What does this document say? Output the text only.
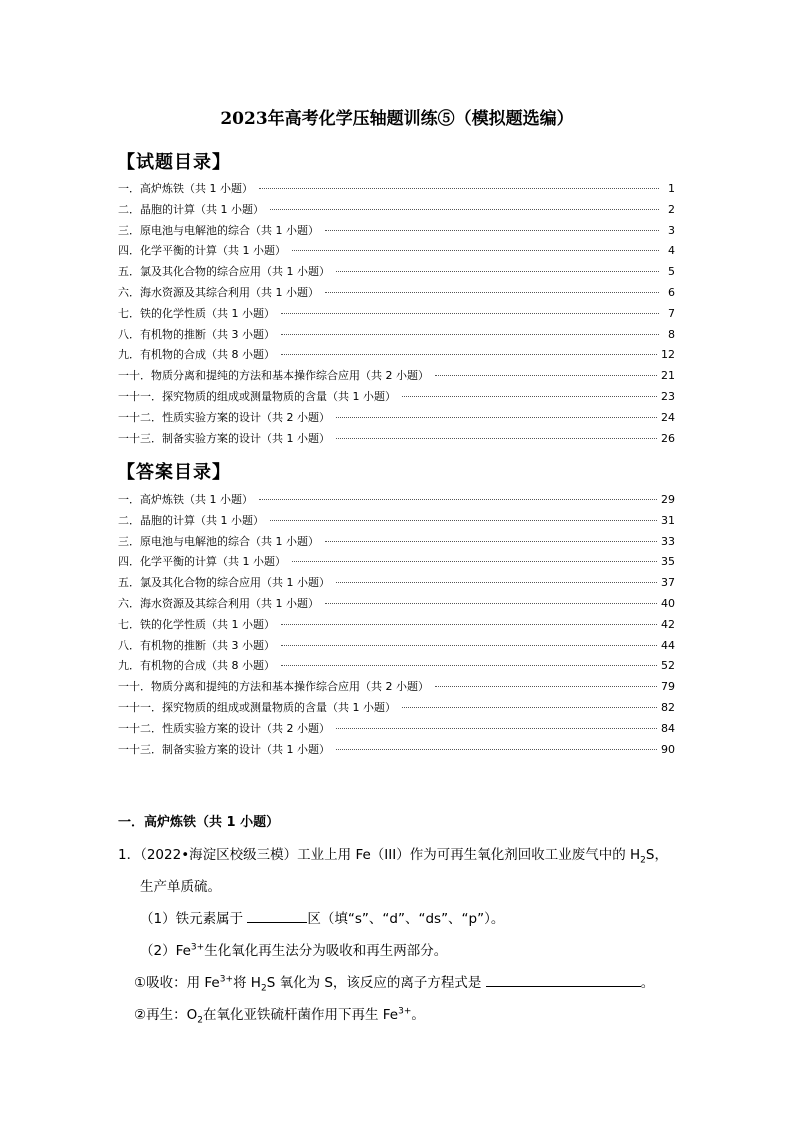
2023年高考化学压轴题训练⑤（模拟题选编）
【试题目录】
一．高炉炼铁（共 1 小题）	1
二．晶胞的计算（共 1 小题）	2
三．原电池与电解池的综合（共 1 小题）	3
四．化学平衡的计算（共 1 小题）	4
五．氯及其化合物的综合应用（共 1 小题）	5
六．海水资源及其综合利用（共 1 小题）	6
七．铁的化学性质（共 1 小题）	7
八．有机物的推断（共 3 小题）	8
九．有机物的合成（共 8 小题）	12
一十．物质分离和提纯的方法和基本操作综合应用（共 2 小题）	21
一十一．探究物质的组成或测量物质的含量（共 1 小题）	23
一十二．性质实验方案的设计（共 2 小题）	24
一十三．制备实验方案的设计（共 1 小题）	26
【答案目录】
一．高炉炼铁（共 1 小题）	29
二．晶胞的计算（共 1 小题）	31
三．原电池与电解池的综合（共 1 小题）	33
四．化学平衡的计算（共 1 小题）	35
五．氯及其化合物的综合应用（共 1 小题）	37
六．海水资源及其综合利用（共 1 小题）	40
七．铁的化学性质（共 1 小题）	42
八．有机物的推断（共 3 小题）	44
九．有机物的合成（共 8 小题）	52
一十．物质分离和提纯的方法和基本操作综合应用（共 2 小题）	79
一十一．探究物质的组成或测量物质的含量（共 1 小题）	82
一十二．性质实验方案的设计（共 2 小题）	84
一十三．制备实验方案的设计（共 1 小题）	90
一．高炉炼铁（共 1 小题）
1．（2022•海淀区校级三模）工业上用 Fe（III）作为可再生氧化剂回收工业废气中的 $H_2S$，
生产单质硫。
（1）铁元素属于	区（填“s”、“d”、“ds”、“p”）。
$(2)Fe^{3+}$生化氧化再生法分为吸收和再生两部分。
①吸收：用 $Fe^{3+}$将 $H_2S$ 氧化为 S，该反应的离子方程式是	。
②再生：$O_2$在氧化亚铁硫杆菌作用下再生 $Fe^{3+}$。
